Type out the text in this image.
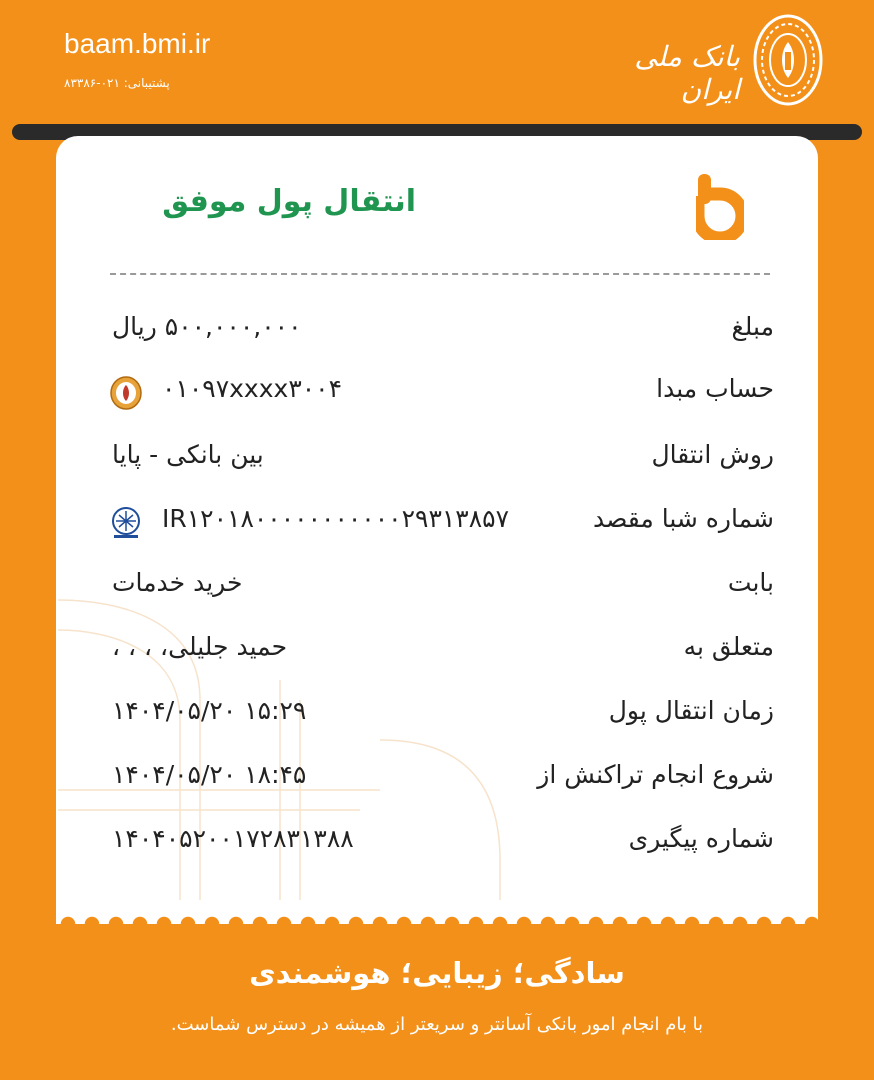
baam.bmi.ir
پشتیبانی: ۰۲۱-۸۳۳۸۶
بانک ملی ایران
انتقال پول موفق
مبلغ
۵۰۰,۰۰۰,۰۰۰ ریال
حساب مبدا
۰۱۰۹۷xxxx۳۰۰۴
روش انتقال
بین بانکی - پایا
شماره شبا مقصد
IR۱۲۰۱۸۰۰۰۰۰۰۰۰۰۰۰۲۹۳۱۳۸۵۷
بابت
خرید خدمات
متعلق به
حمید جلیلی، ، ، ،
زمان انتقال پول
۱۴۰۴/۰۵/۲۰ ۱۵:۲۹
شروع انجام تراکنش از
۱۴۰۴/۰۵/۲۰ ۱۸:۴۵
شماره پیگیری
۱۴۰۴۰۵۲۰۰۱۷۲۸۳۱۳۸۸
سادگی؛ زیبایی؛ هوشمندی
با بام انجام امور بانکی آسانتر و سریعتر از همیشه در دسترس شماست.
